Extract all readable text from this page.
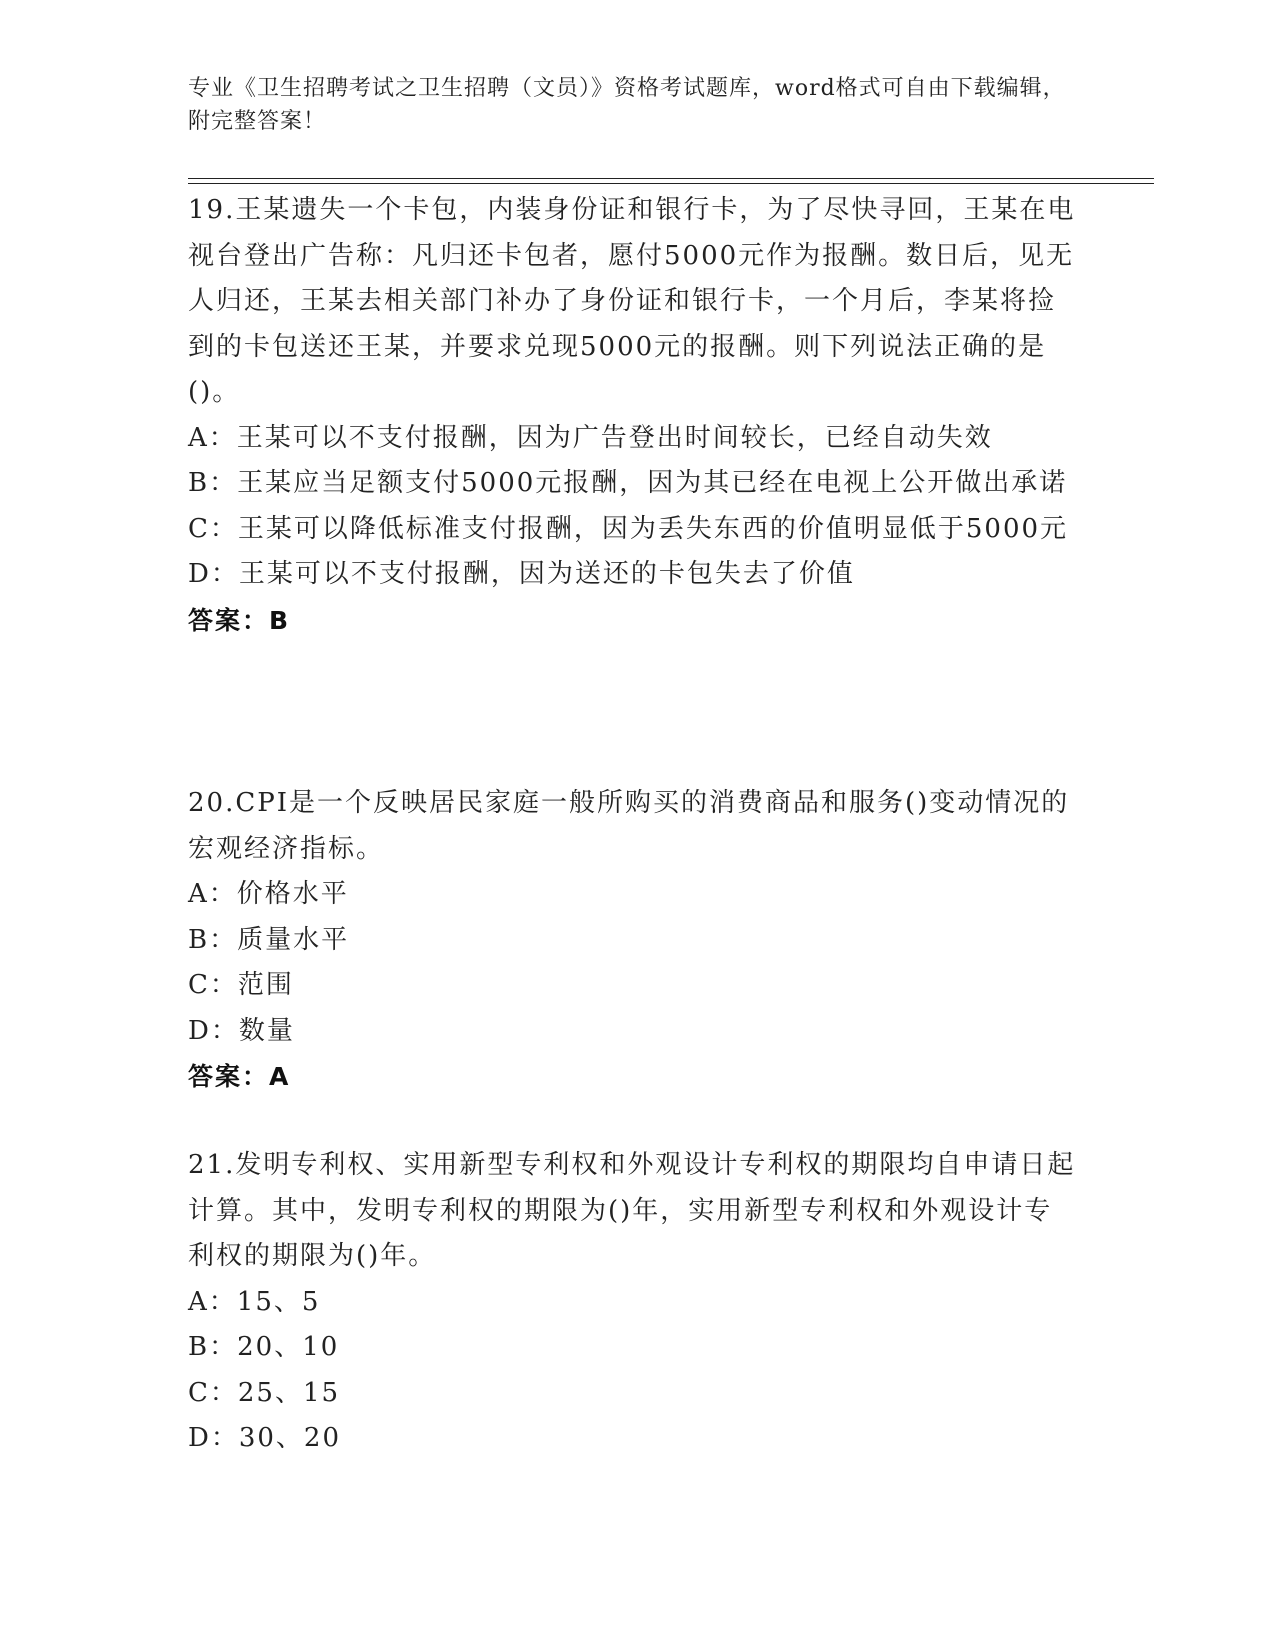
专业《卫生招聘考试之卫生招聘（文员）》资格考试题库，word格式可自由下载编辑，附完整答案！

19.王某遗失一个卡包，内装身份证和银行卡，为了尽快寻回，王某在电视台登出广告称：凡归还卡包者，愿付5000元作为报酬。数日后，见无人归还，王某去相关部门补办了身份证和银行卡，一个月后，李某将捡到的卡包送还王某，并要求兑现5000元的报酬。则下列说法正确的是()。

A：王某可以不支付报酬，因为广告登出时间较长，已经自动失效

B：王某应当足额支付5000元报酬，因为其已经在电视上公开做出承诺

C：王某可以降低标准支付报酬，因为丢失东西的价值明显低于5000元

D：王某可以不支付报酬，因为送还的卡包失去了价值

答案：B

20.CPI是一个反映居民家庭一般所购买的消费商品和服务()变动情况的宏观经济指标。

A：价格水平

B：质量水平

C：范围

D：数量

答案：A

21.发明专利权、实用新型专利权和外观设计专利权的期限均自申请日起计算。其中，发明专利权的期限为()年，实用新型专利权和外观设计专利权的期限为()年。

A：15、5

B：20、10

C：25、15

D：30、20
